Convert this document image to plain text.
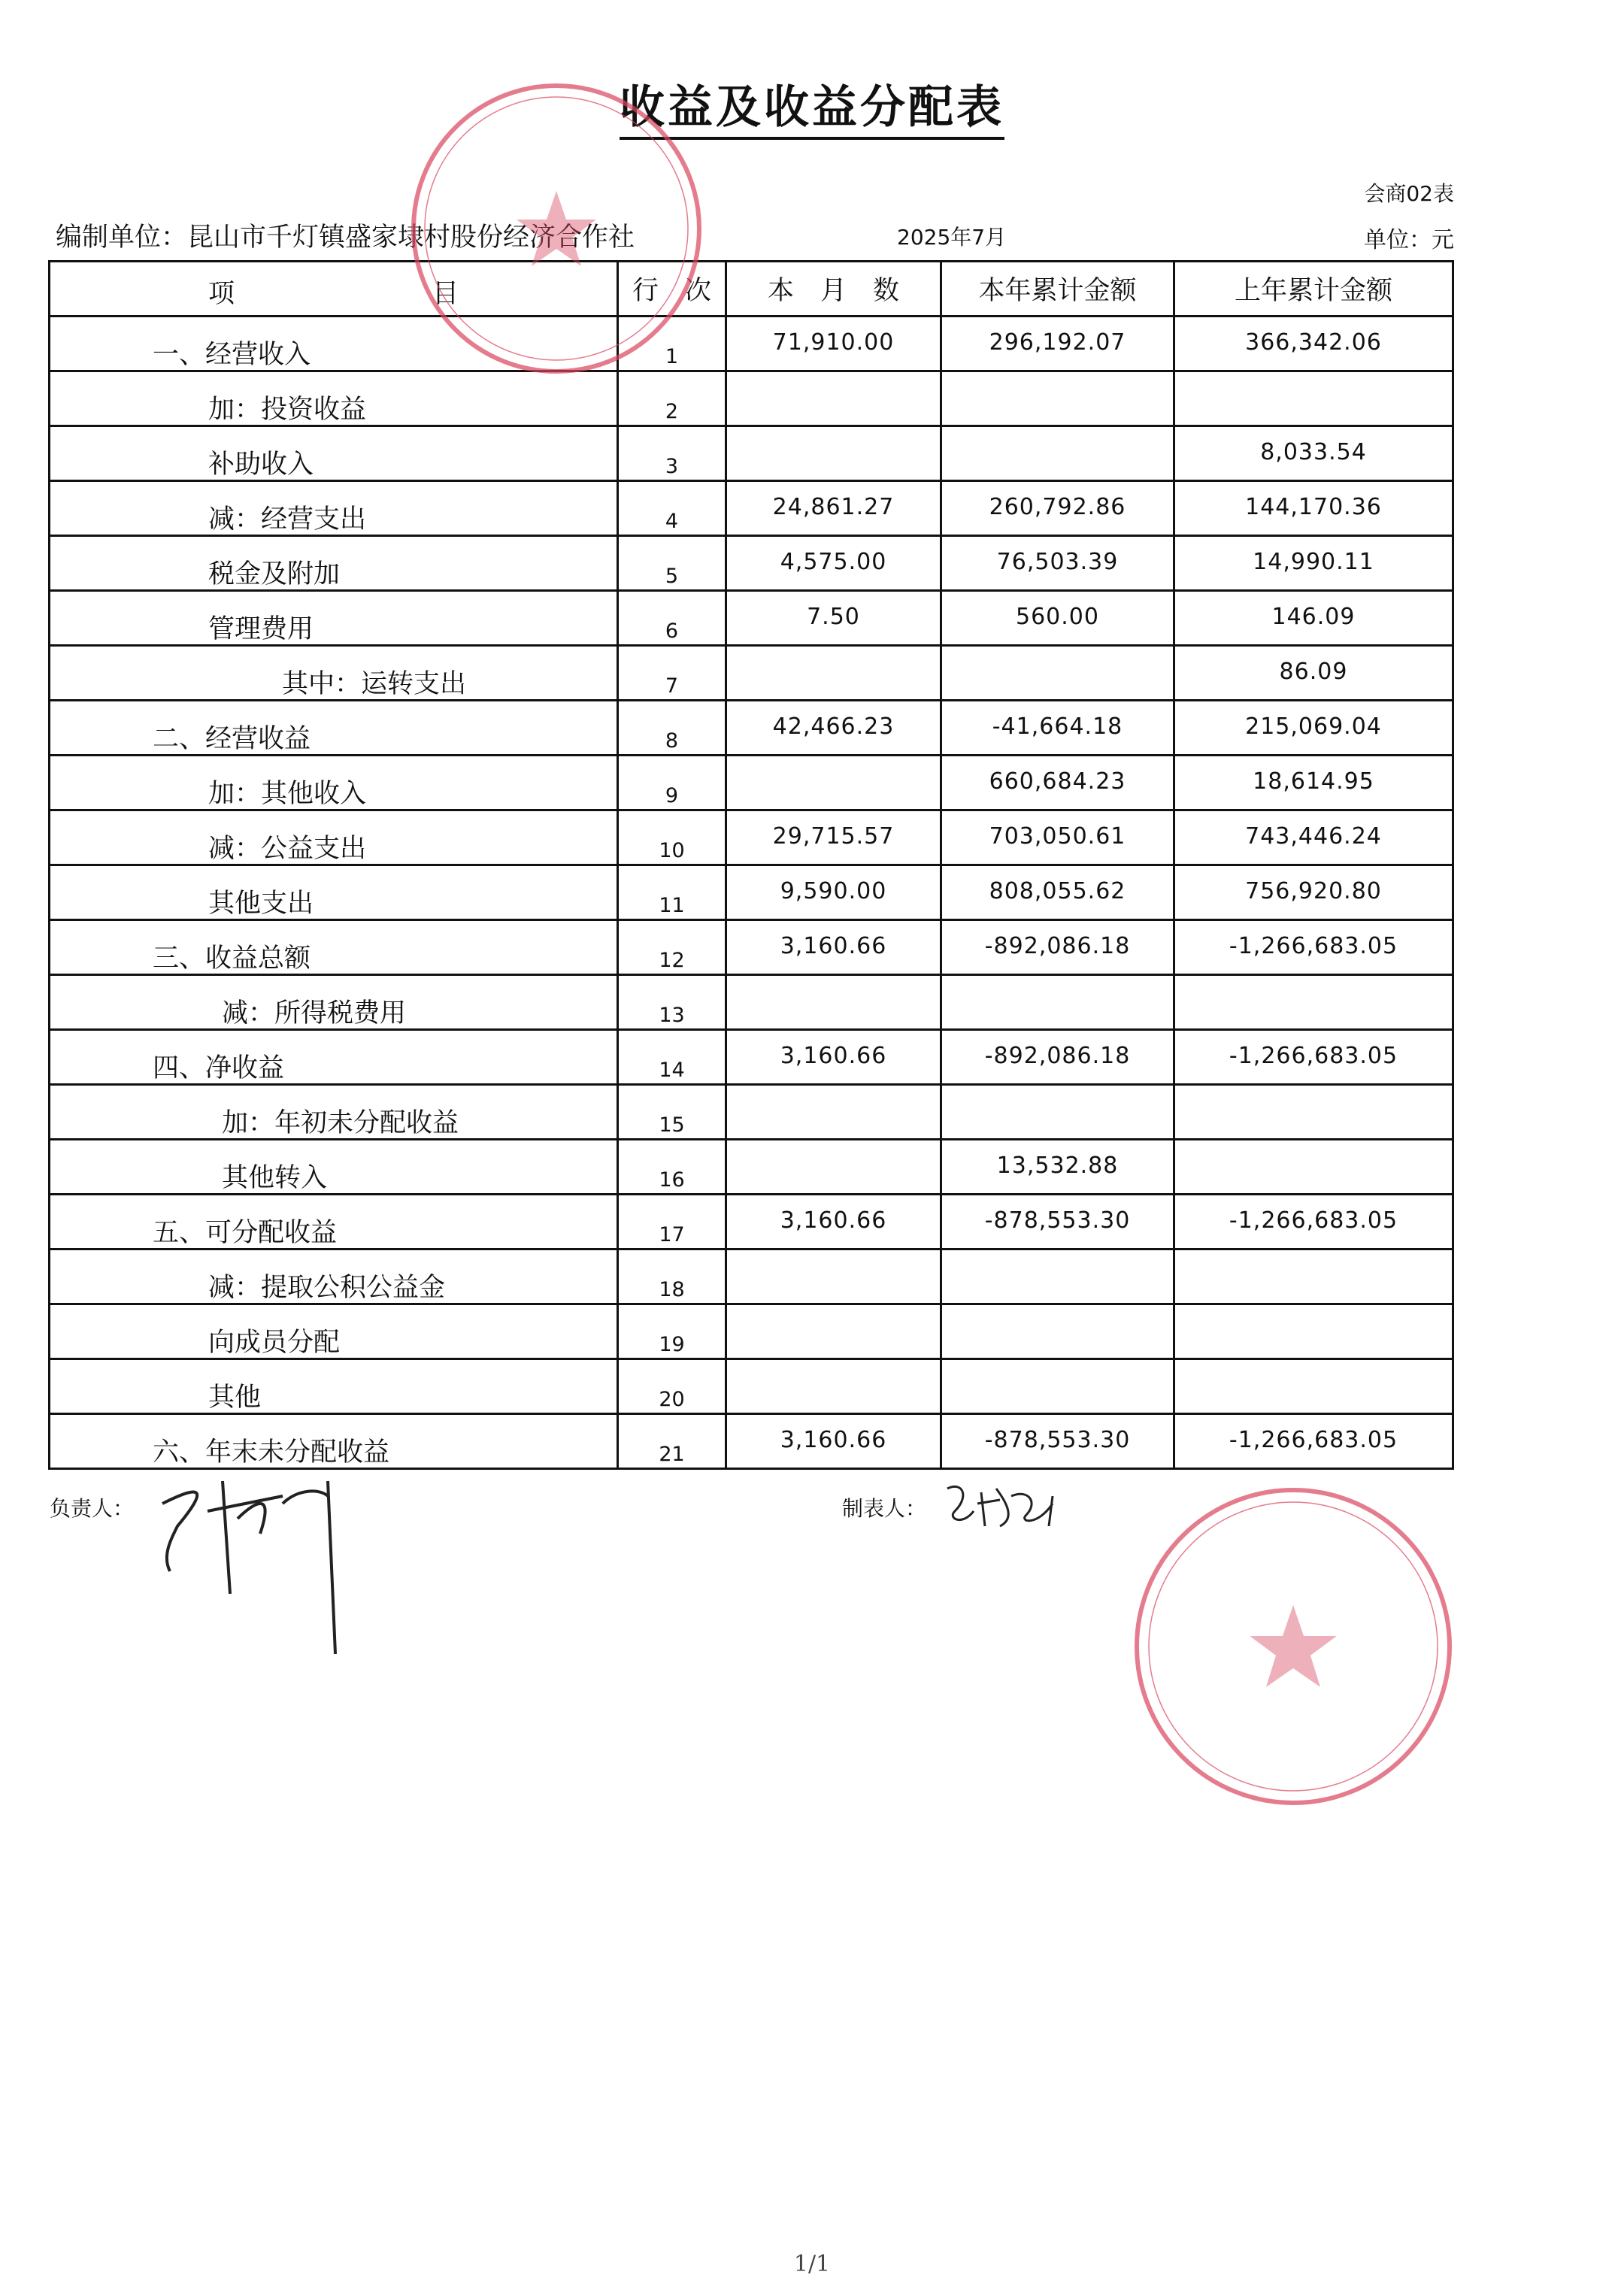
收益及收益分配表
会商02表
编制单位：昆山市千灯镇盛家埭村股份经济合作社	2025年7月	单位：元
项 目	行　次	本　月　数	本年累计金额	上年累计金额

一、经营收入	1	71,910.00	296,192.07	366,342.06

加：投资收益	2			

补助收入	3			8,033.54

减：经营支出	4	24,861.27	260,792.86	144,170.36

税金及附加	5	4,575.00	76,503.39	14,990.11

管理费用	6	7.50	560.00	146.09

其中：运转支出	7			86.09

二、经营收益	8	42,466.23	-41,664.18	215,069.04

加：其他收入	9		660,684.23	18,614.95

减：公益支出	10	29,715.57	703,050.61	743,446.24

其他支出	11	9,590.00	808,055.62	756,920.80

三、收益总额	12	3,160.66	-892,086.18	-1,266,683.05

减：所得税费用	13			

四、净收益	14	3,160.66	-892,086.18	-1,266,683.05

加：年初未分配收益	15			

其他转入	16		13,532.88	

五、可分配收益	17	3,160.66	-878,553.30	-1,266,683.05

减：提取公积公益金	18			

向成员分配	19			

其他	20			

六、年末未分配收益	21	3,160.66	-878,553.30	-1,266,683.05
负责人：	制表人：
1/1
